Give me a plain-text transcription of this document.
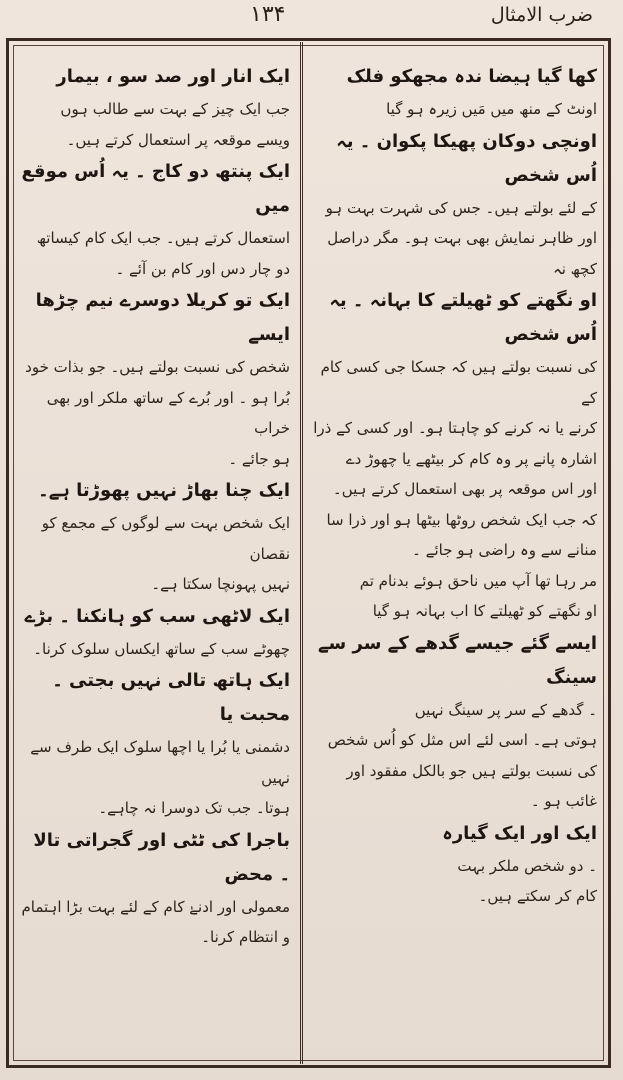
ضرب الامثال
۱۳۴
کھا گیا ہیضا ندہ مجھکو فلک
اونٹ کے منھ میں مَیں زیرہ ہو گیا
اونچی دوکان پھیکا پکوان ۔ یہ اُس شخص
کے لئے بولتے ہیں۔ جس کی شہرت بہت ہو
اور ظاہر نمایش بھی بہت ہو۔ مگر دراصل کچھ نہ
او نگھتے کو ٹھیلتے کا بہانہ ۔ یہ اُس شخص
کی نسبت بولتے ہیں کہ جسکا جی کسی کام کے
کرنے یا نہ کرنے کو چاہتا ہو۔ اور کسی کے ذرا
اشارہ پانے پر وہ کام کر بیٹھے یا چھوڑ دے
اور اس موقعہ پر بھی استعمال کرتے ہیں۔
کہ جب ایک شخص روٹھا بیٹھا ہو اور ذرا سا
منانے سے وہ راضی ہو جائے ۔
مر رہا تھا آپ میں ناحق ہوئے بدنام تم
او نگھتے کو ٹھیلتے کا اب بہانہ ہو گیا
ایسے گئے جیسے گدھے کے سر سے
سینگ
۔ گدھے کے سر پر سینگ نہیں
ہوتی ہے۔ اسی لئے اس مثل کو اُس شخص
کی نسبت بولتے ہیں جو بالکل مفقود اور
غائب ہو ۔
ایک اور ایک گیارہ
۔ دو شخص ملکر بہت
کام کر سکتے ہیں۔
ایک انار اور صد سو ، بیمار
جب ایک چیز کے بہت سے طالب ہوں
ویسے موقعہ پر استعمال کرتے ہیں۔
ایک پنتھ دو کاج ۔ یہ اُس موقع میں
استعمال کرتے ہیں۔ جب ایک کام کیساتھ
دو چار دس اور کام بن آئے ۔
ایک تو کریلا دوسرے نیم چڑھا ایسے
شخص کی نسبت بولتے ہیں۔ جو بذات خود
بُرا ہو ۔ اور بُرے کے ساتھ ملکر اور بھی خراب
ہو جائے ۔
ایک چنا بھاڑ نہیں پھوڑتا ہے۔
ایک شخص بہت سے لوگوں کے مجمع کو نقصان
نہیں پہونچا سکتا ہے۔
ایک لاٹھی سب کو ہانکنا ۔ بڑے
چھوٹے سب کے ساتھ ایکساں سلوک کرنا۔
ایک ہاتھ تالی نہیں بجتی ۔ محبت یا
دشمنی یا بُرا یا اچھا سلوک ایک طرف سے نہیں
ہوتا۔ جب تک دوسرا نہ چاہے۔
باجرا کی ٹٹی اور گجراتی تالا ۔ محض
معمولی اور ادنےٰ کام کے لئے بہت بڑا اہتمام
و انتظام کرنا۔
